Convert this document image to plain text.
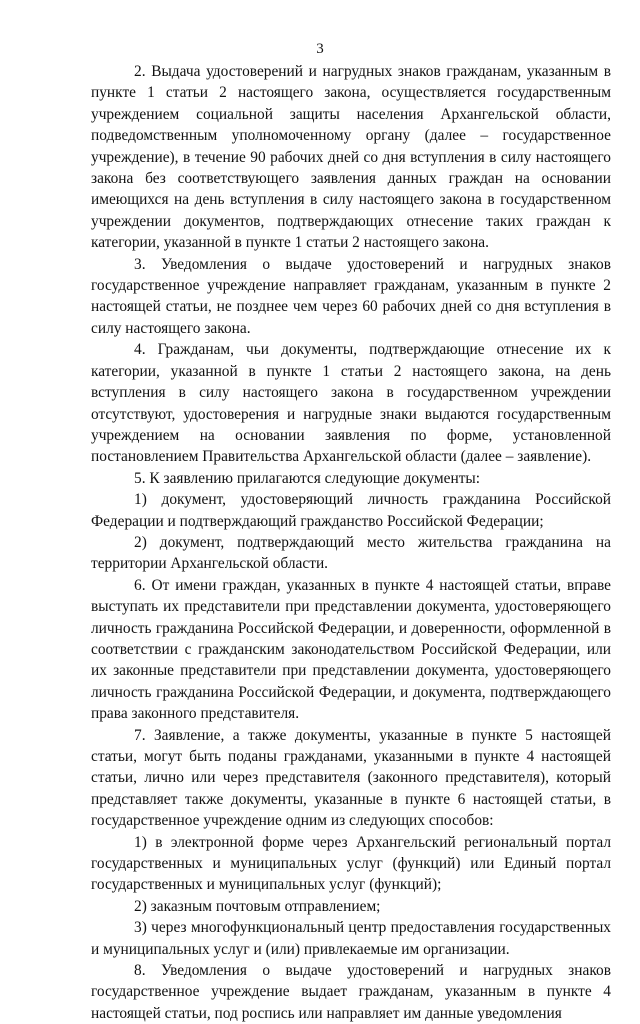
3

2. Выдача удостоверений и нагрудных знаков гражданам, указанным в пункте 1 статьи 2 настоящего закона, осуществляется государственным учреждением социальной защиты населения Архангельской области, подведомственным уполномоченному органу (далее – государственное учреждение), в течение 90 рабочих дней со дня вступления в силу настоящего закона без соответствующего заявления данных граждан на основании имеющихся на день вступления в силу настоящего закона в государственном учреждении документов, подтверждающих отнесение таких граждан к категории, указанной в пункте 1 статьи 2 настоящего закона.

3. Уведомления о выдаче удостоверений и нагрудных знаков государственное учреждение направляет гражданам, указанным в пункте 2 настоящей статьи, не позднее чем через 60 рабочих дней со дня вступления в силу настоящего закона.

4. Гражданам, чьи документы, подтверждающие отнесение их к категории, указанной в пункте 1 статьи 2 настоящего закона, на день вступления в силу настоящего закона в государственном учреждении отсутствуют, удостоверения и нагрудные знаки выдаются государственным учреждением на основании заявления по форме, установленной постановлением Правительства Архангельской области (далее – заявление).

5. К заявлению прилагаются следующие документы:

1) документ, удостоверяющий личность гражданина Российской Федерации и подтверждающий гражданство Российской Федерации;

2) документ, подтверждающий место жительства гражданина на территории Архангельской области.

6. От имени граждан, указанных в пункте 4 настоящей статьи, вправе выступать их представители при представлении документа, удостоверяющего личность гражданина Российской Федерации, и доверенности, оформленной в соответствии с гражданским законодательством Российской Федерации, или их законные представители при представлении документа, удостоверяющего личность гражданина Российской Федерации, и документа, подтверждающего права законного представителя.

7. Заявление, а также документы, указанные в пункте 5 настоящей статьи, могут быть поданы гражданами, указанными в пункте 4 настоящей статьи, лично или через представителя (законного представителя), который представляет также документы, указанные в пункте 6 настоящей статьи, в государственное учреждение одним из следующих способов:

1) в электронной форме через Архангельский региональный портал государственных и муниципальных услуг (функций) или Единый портал государственных и муниципальных услуг (функций);

2) заказным почтовым отправлением;

3) через многофункциональный центр предоставления государственных и муниципальных услуг и (или) привлекаемые им организации.

8. Уведомления о выдаче удостоверений и нагрудных знаков государственное учреждение выдает гражданам, указанным в пункте 4 настоящей статьи, под роспись или направляет им данные уведомления
